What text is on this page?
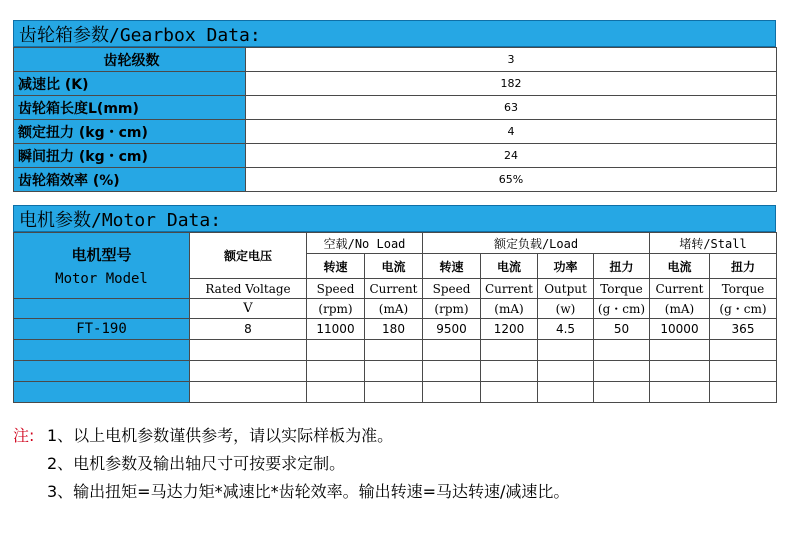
齿轮箱参数/Gearbox Data:
齿轮级数	3
减速比 (K)	182
齿轮箱长度L(mm)	63
额定扭力 (kg・cm)	4
瞬间扭力 (kg・cm)	24
齿轮箱效率 (%)	65%
电机参数/Motor Data:
电机型号
Motor Model	额定电压	空载/No Load		额定负载/Load				堵转/Stall	
		转速	电流	转速	电流	功率	扭力	电流	扭力
	Rated Voltage	Speed	Current	Speed	Current	Output	Torque	Current	Torque
	V	(rpm)	(mA)	(rpm)	(mA)	(w)	(g・cm)	(mA)	(g・cm)
FT-190	8	11000	180	9500	1200	4.5	50	10000	365

注: 1、以上电机参数谨供参考，请以实际样板为准。
2、电机参数及输出轴尺寸可按要求定制。
3、输出扭矩=马达力矩*减速比*齿轮效率。输出转速=马达转速/减速比。
